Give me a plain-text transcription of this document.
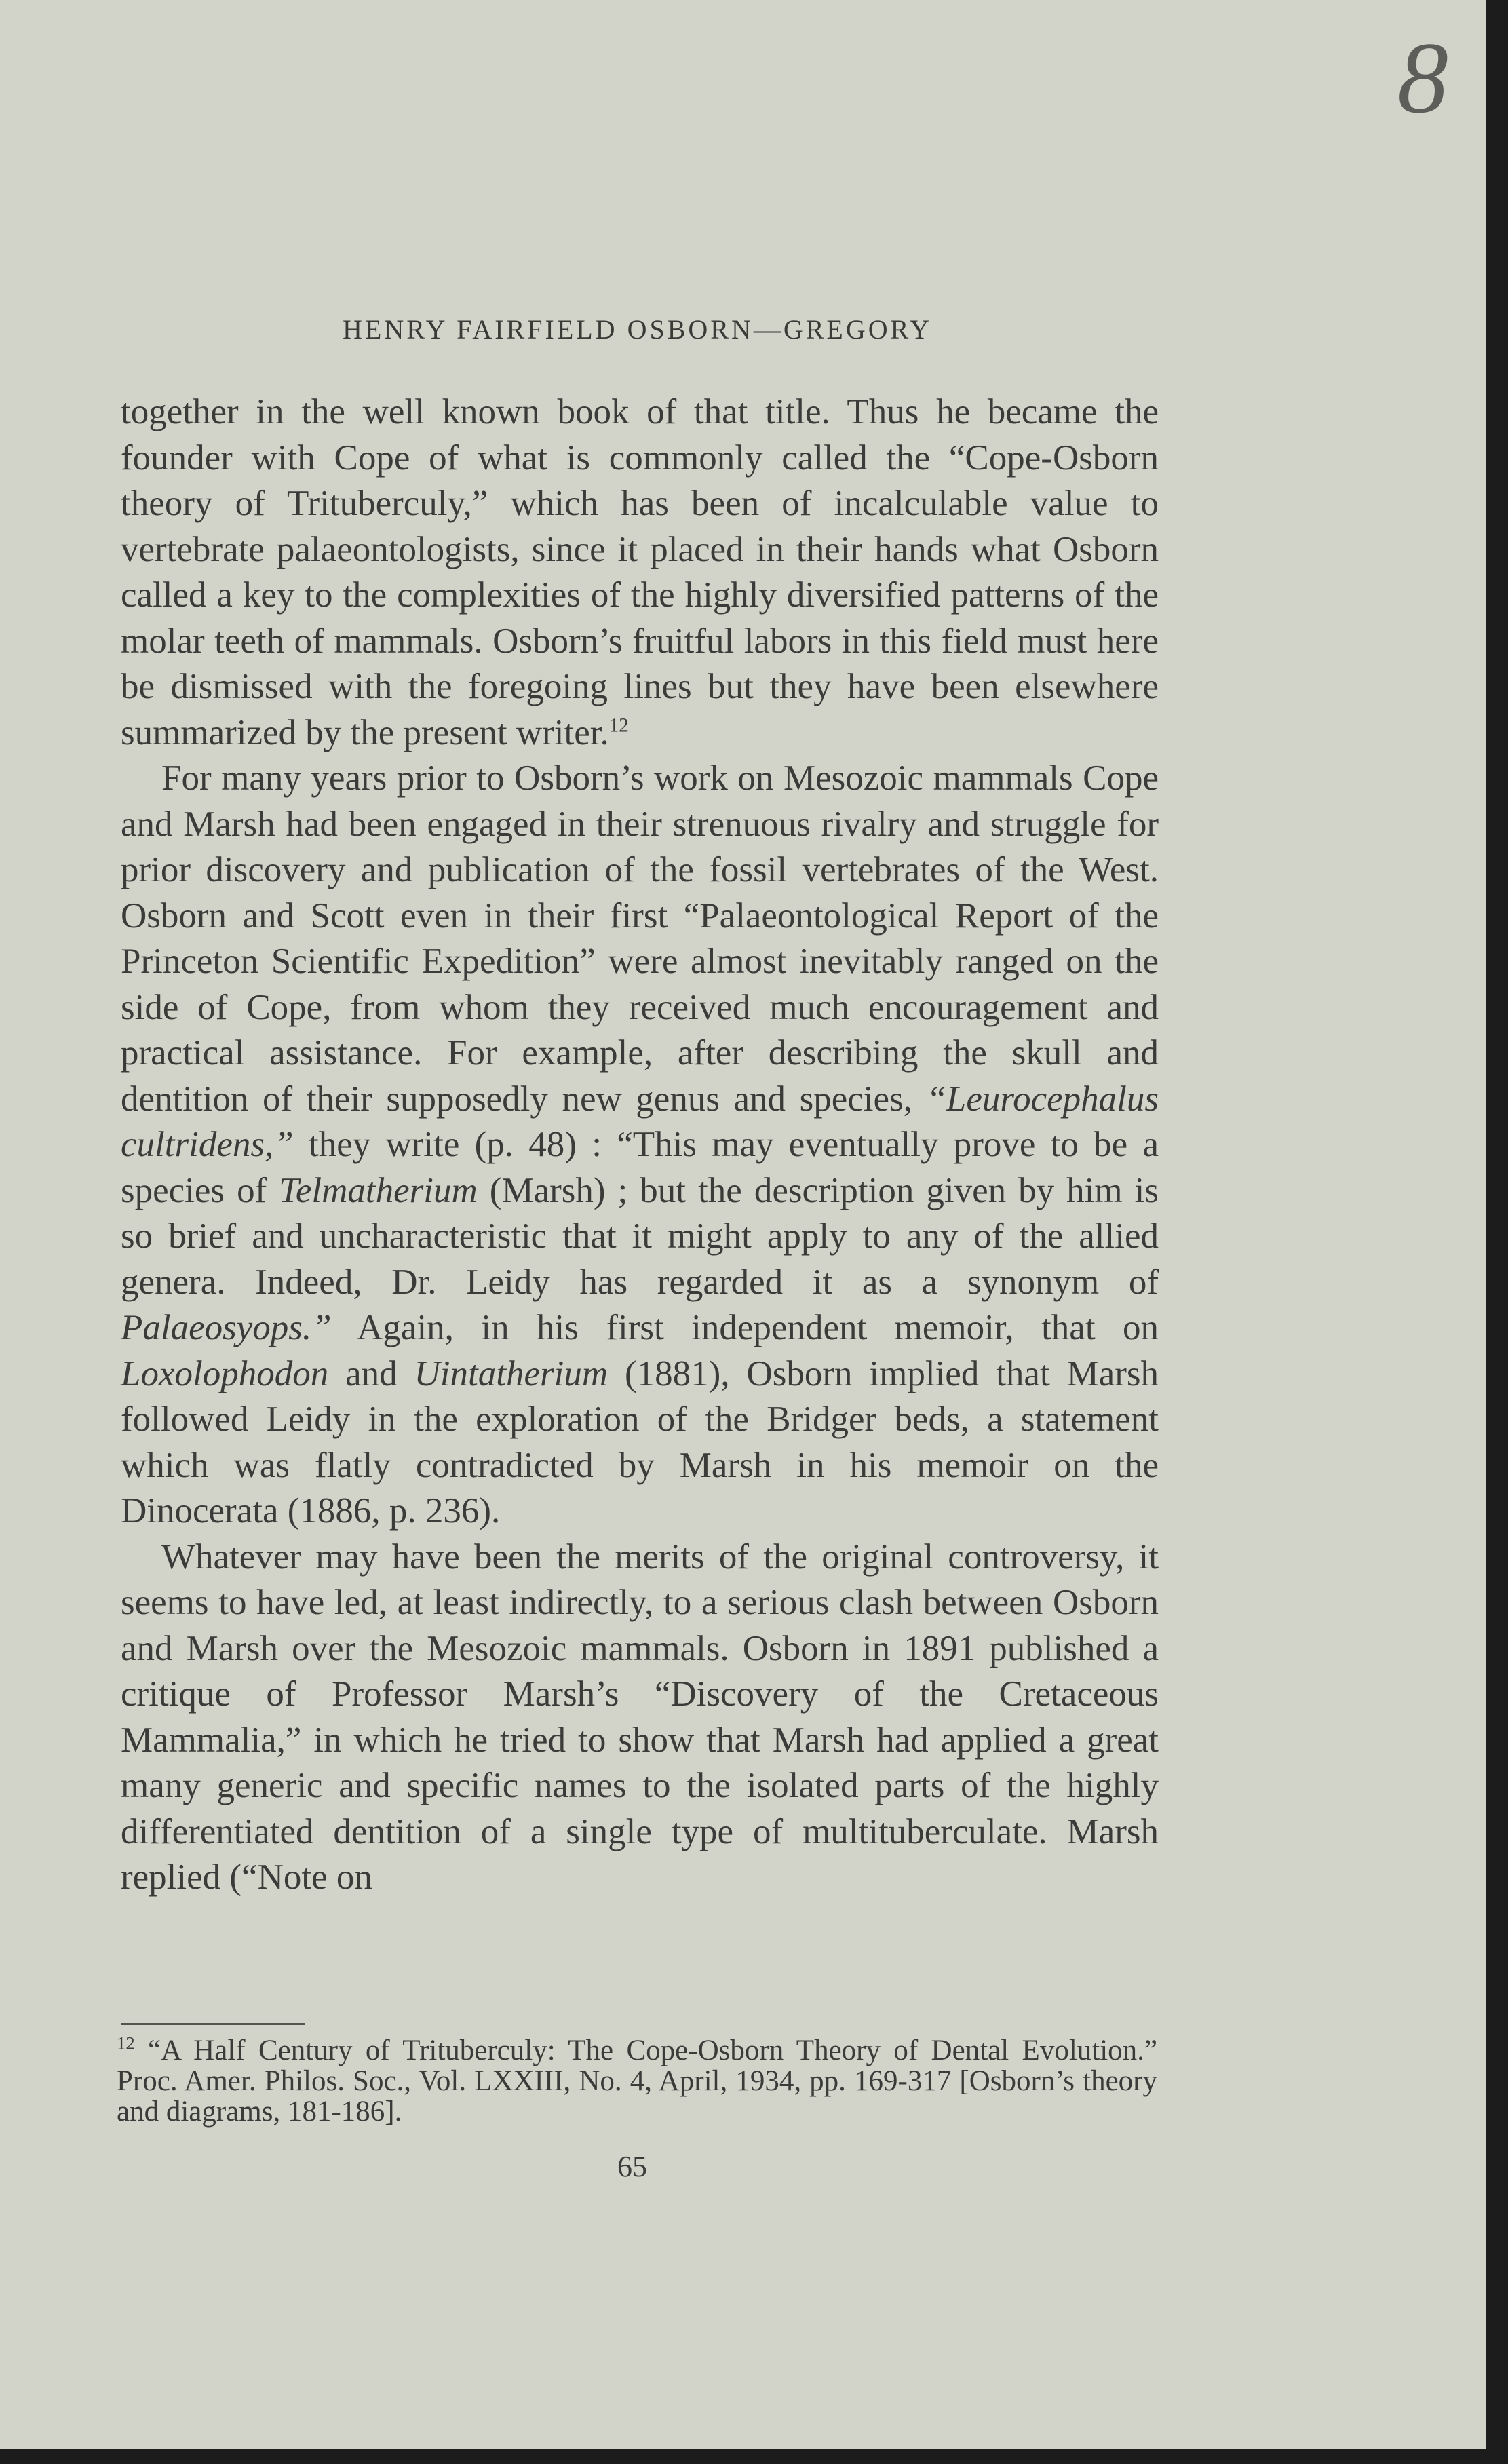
8
HENRY FAIRFIELD OSBORN—GREGORY

together in the well known book of that title. Thus he became the founder with Cope of what is commonly called the “Cope-Osborn theory of Trituberculy,” which has been of incalculable value to vertebrate palaeontologists, since it placed in their hands what Osborn called a key to the complexities of the highly diversified patterns of the molar teeth of mammals. Osborn’s fruitful labors in this field must here be dismissed with the foregoing lines but they have been elsewhere summarized by the present writer.$^{12}$

For many years prior to Osborn’s work on Mesozoic mammals Cope and Marsh had been engaged in their strenuous rivalry and struggle for prior discovery and publication of the fossil vertebrates of the West. Osborn and Scott even in their first “Palaeontological Report of the Princeton Scientific Expedition” were almost inevitably ranged on the side of Cope, from whom they received much encouragement and practical assistance. For example, after describing the skull and dentition of their supposedly new genus and species, “Leurocephalus cultridens,” they write (p. 48) : “This may eventually prove to be a species of Telmatherium (Marsh) ; but the description given by him is so brief and uncharacteristic that it might apply to any of the allied genera. Indeed, Dr. Leidy has regarded it as a synonym of Palaeosyops.” Again, in his first independent memoir, that on Loxolophodon and Uintatherium (1881), Osborn implied that Marsh followed Leidy in the exploration of the Bridger beds, a statement which was flatly contradicted by Marsh in his memoir on the Dinocerata (1886, p. 236).

Whatever may have been the merits of the original controversy, it seems to have led, at least indirectly, to a serious clash between Osborn and Marsh over the Mesozoic mammals. Osborn in 1891 published a critique of Professor Marsh’s “Discovery of the Cretaceous Mammalia,” in which he tried to show that Marsh had applied a great many generic and specific names to the isolated parts of the highly differentiated dentition of a single type of multituberculate. Marsh replied (“Note on

$^{12}$ “A Half Century of Trituberculy: The Cope-Osborn Theory of Dental Evolution.” Proc. Amer. Philos. Soc., Vol. LXXIII, No. 4, April, 1934, pp. 169-317 [Osborn’s theory and diagrams, 181-186].

65
